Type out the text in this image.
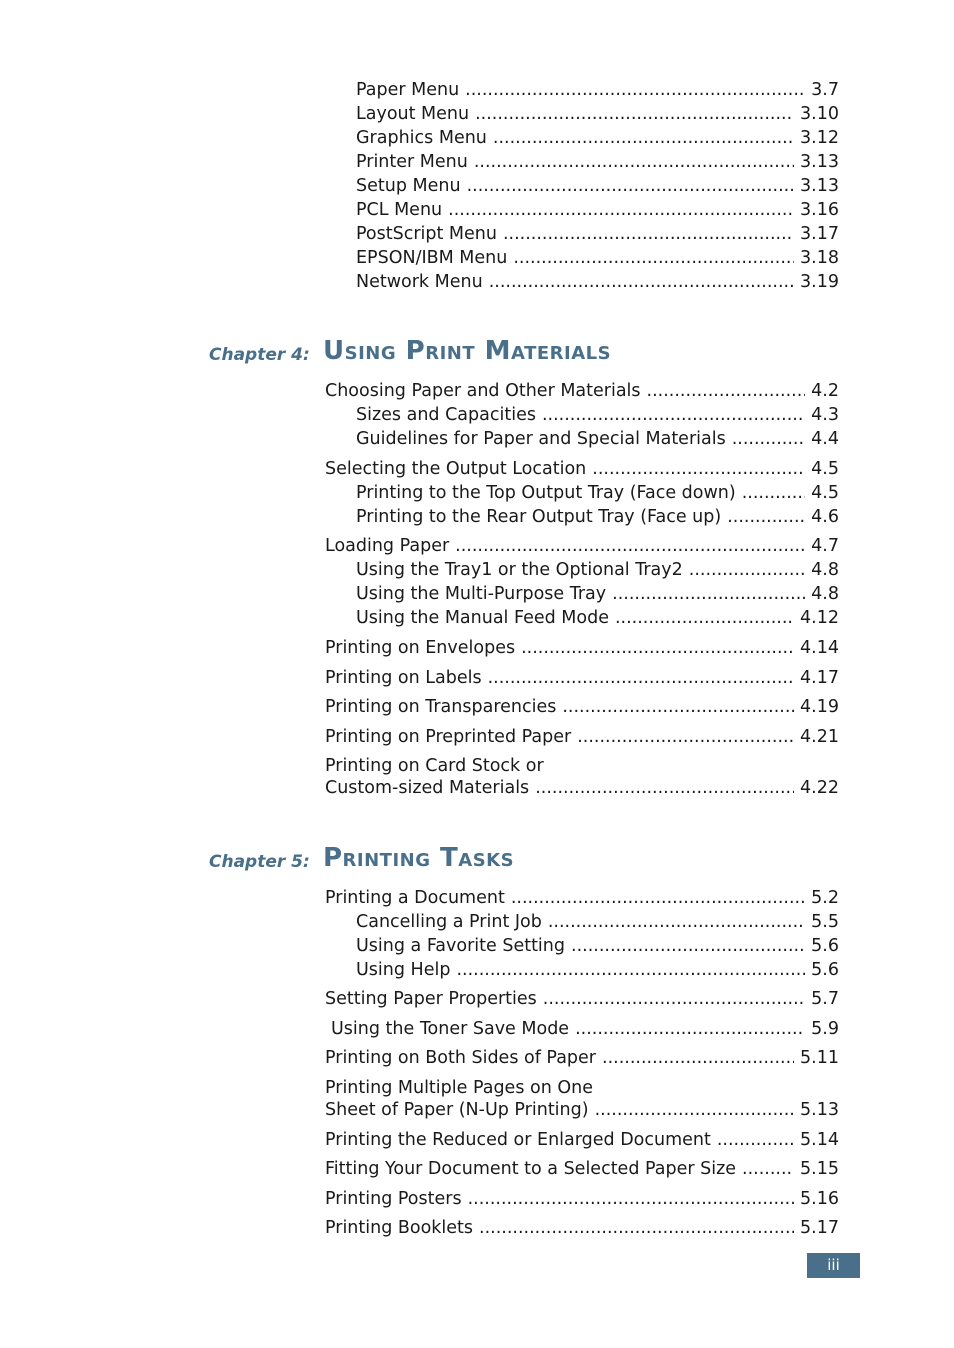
Paper Menu .....	3.7
Layout Menu .....	3.10
Graphics Menu .....	3.12
Printer Menu .....	3.13
Setup Menu .....	3.13
PCL Menu .....	3.16
PostScript Menu .....	3.17
EPSON/IBM Menu .....	3.18
Network Menu .....	3.19
Chapter 4: Using Print Materials
Choosing Paper and Other Materials .....	4.2
Sizes and Capacities .....	4.3
Guidelines for Paper and Special Materials .....	4.4
Selecting the Output Location .....	4.5
Printing to the Top Output Tray (Face down) .....	4.5
Printing to the Rear Output Tray (Face up) .....	4.6
Loading Paper .....	4.7
Using the Tray1 or the Optional Tray2 .....	4.8
Using the Multi-Purpose Tray .....	4.8
Using the Manual Feed Mode .....	4.12
Printing on Envelopes .....	4.14
Printing on Labels .....	4.17
Printing on Transparencies .....	4.19
Printing on Preprinted Paper .....	4.21
Printing on Card Stock or
Custom-sized Materials .....	4.22
Chapter 5: Printing Tasks
Printing a Document .....	5.2
Cancelling a Print Job .....	5.5
Using a Favorite Setting .....	5.6
Using Help .....	5.6
Setting Paper Properties .....	5.7
Using the Toner Save Mode .....	5.9
Printing on Both Sides of Paper .....	5.11
Printing Multiple Pages on One
Sheet of Paper (N-Up Printing) .....	5.13
Printing the Reduced or Enlarged Document .....	5.14
Fitting Your Document to a Selected Paper Size .....	5.15
Printing Posters .....	5.16
Printing Booklets .....	5.17
iii
